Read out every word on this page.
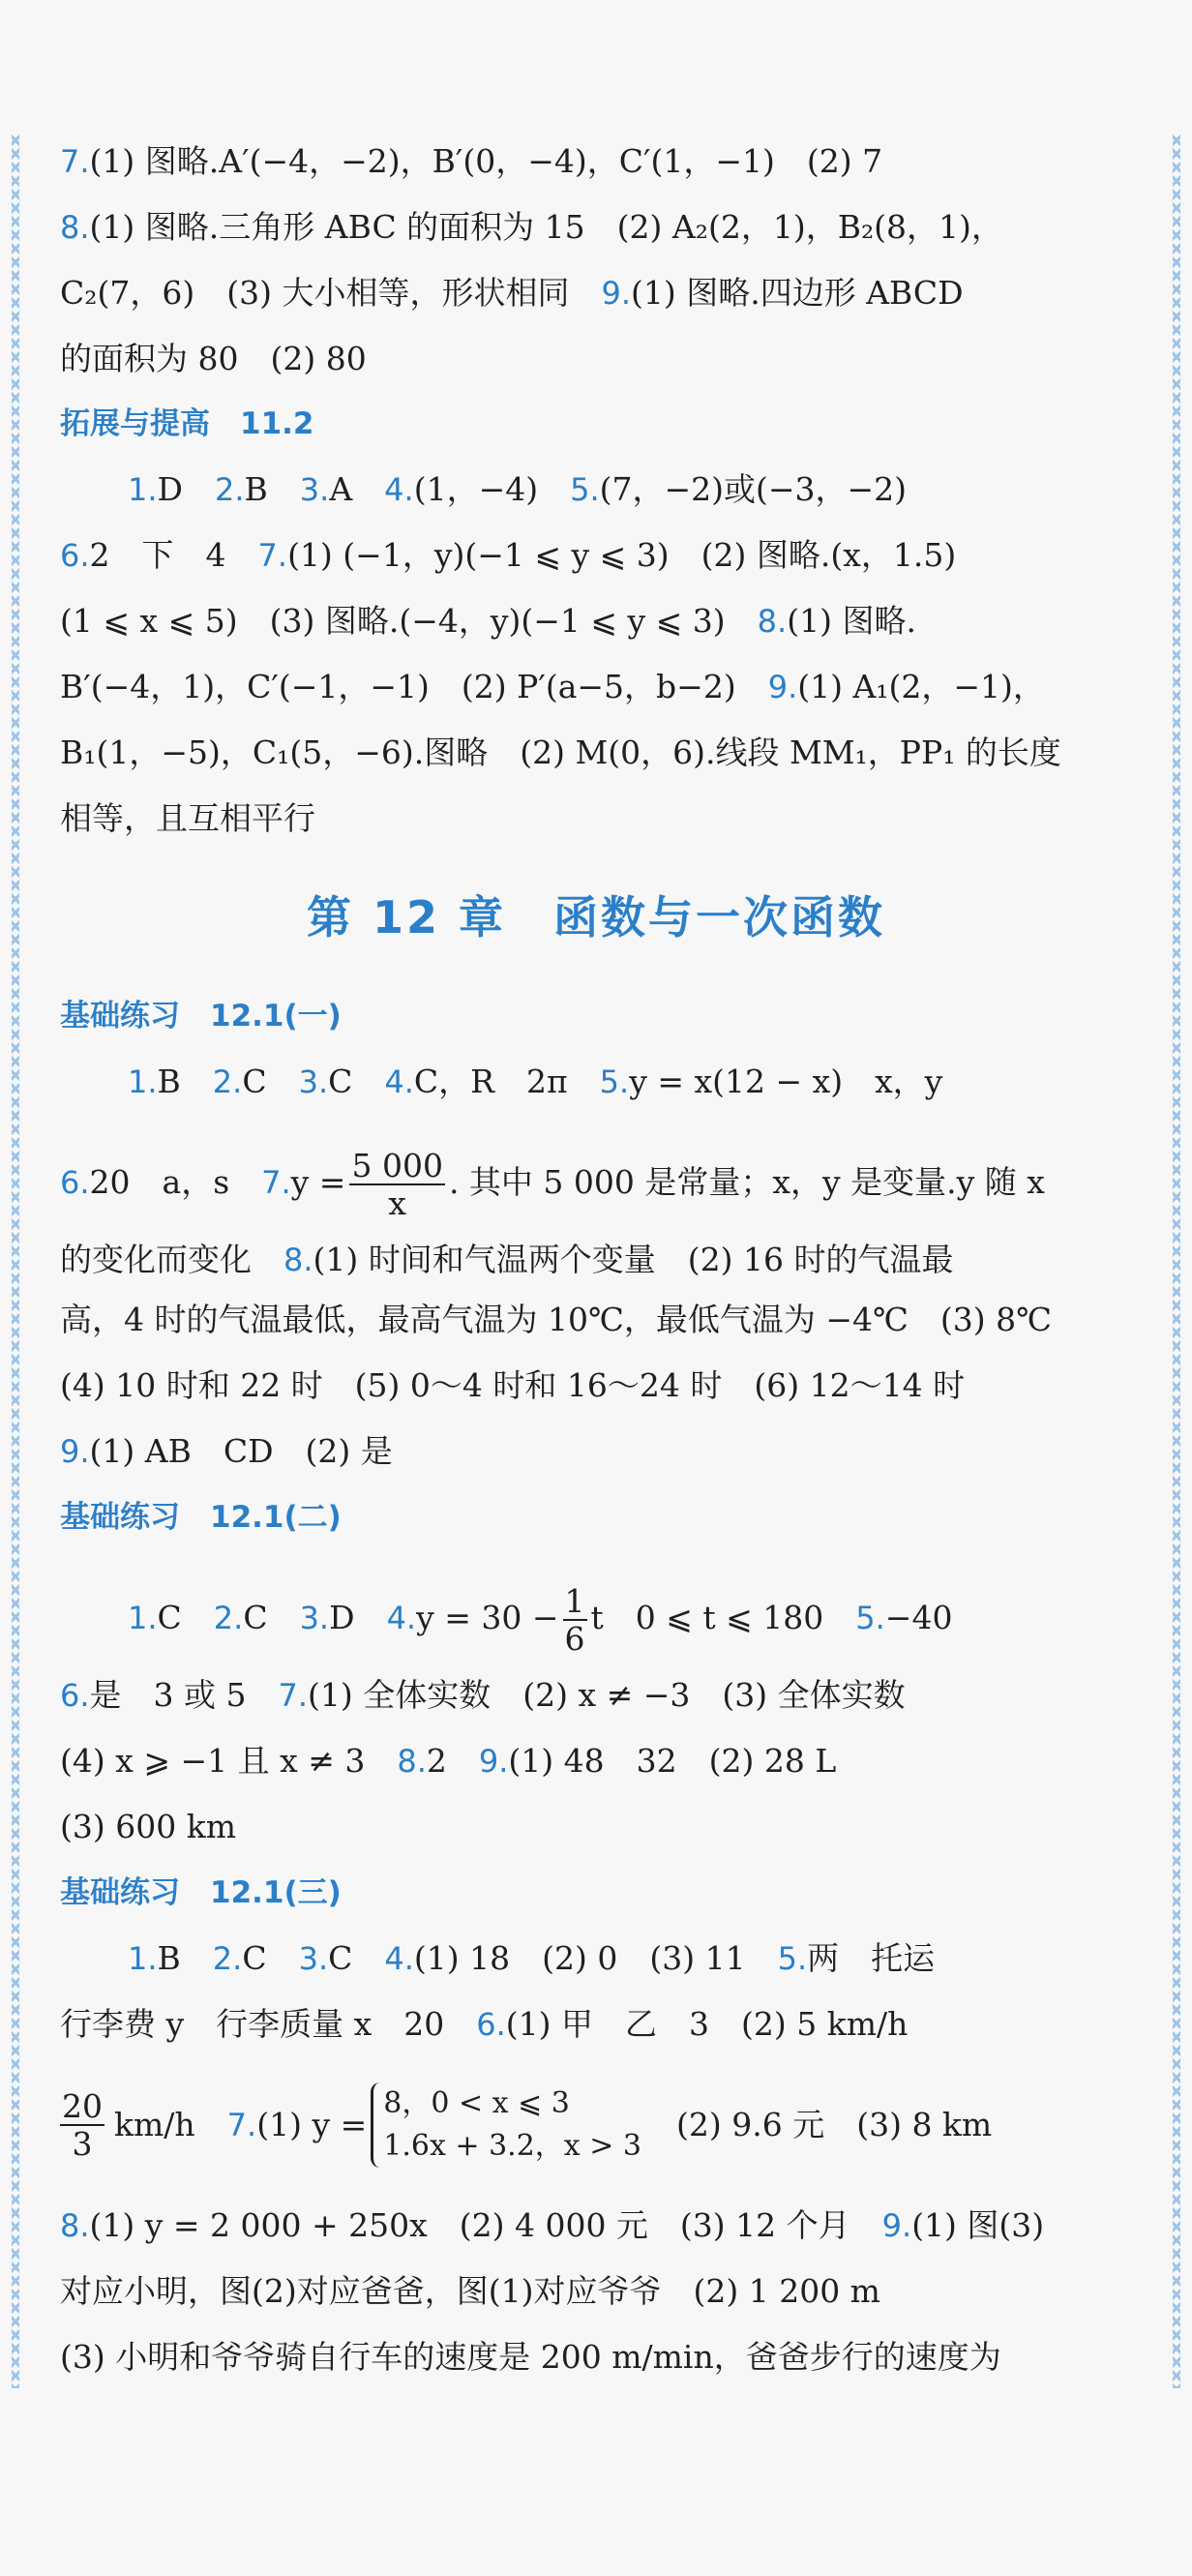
7.(1) 图略.A′(−4，−2)，B′(0，−4)，C′(1，−1)　(2) 7
8.(1) 图略.三角形 ABC 的面积为 15　(2) A₂(2，1)，B₂(8，1)，
C₂(7，6)　(3) 大小相等，形状相同　9.(1) 图略.四边形 ABCD
的面积为 80　(2) 80
拓展与提高　11.2
1.D　2.B　3.A　4.(1，−4)　5.(7，−2)或(−3，−2)
6.2　下　4　7.(1) (−1，y)(−1 ⩽ y ⩽ 3)　(2) 图略.(x，1.5)
(1 ⩽ x ⩽ 5)　(3) 图略.(−4，y)(−1 ⩽ y ⩽ 3)　8.(1) 图略.
B′(−4，1)，C′(−1，−1)　(2) P′(a−5，b−2)　9.(1) A₁(2，−1)，
B₁(1，−5)，C₁(5，−6).图略　(2) M(0，6).线段 MM₁，PP₁ 的长度
相等，且互相平行
第 12 章　函数与一次函数
基础练习　12.1(一)
1.B　2.C　3.C　4.C，R　2π　5.y = x(12 − x)　x，y
6.20　a，s　$7.y = \frac{5 000}{x}$ . 其中 5 000 是常量；x，y 是变量.y 随 x
的变化而变化　8.(1) 时间和气温两个变量　(2) 16 时的气温最
高，4 时的气温最低，最高气温为 10℃，最低气温为 −4℃　(3) 8℃
(4) 10 时和 22 时　(5) 0～4 时和 16～24 时　(6) 12～14 时
9.(1) AB　CD　(2) 是
基础练习　12.1(二)
1.C　2.C　3.D　$4.y = 30 - \frac{1}{6}$ t　0 ⩽ t ⩽ 180　5.−40
6.是　3 或 5　7.(1) 全体实数　(2) x ≠ −3　(3) 全体实数
(4) x ⩾ −1 且 x ≠ 3　8.2　9.(1) 48　32　(2) 28 L
(3) 600 km
基础练习　12.1(三)
1.B　2.C　3.C　4.(1) 18　(2) 0　(3) 11　5.两　托运
行李费 y　行李质量 x　20　6.(1) 甲　乙　3　(2) 5 km/h
$\frac{20}{3} km/h$　 7. (1) y =
8，0 < x ⩽ 3
1.6x + 3.2，x > 3
(2) 9.6 元　(3) 8 km
8.(1) y = 2 000 + 250x　(2) 4 000 元　(3) 12 个月　9.(1) 图(3)
对应小明，图(2)对应爸爸，图(1)对应爷爷　(2) 1 200 m
(3) 小明和爷爷骑自行车的速度是 200 m/min，爸爸步行的速度为
